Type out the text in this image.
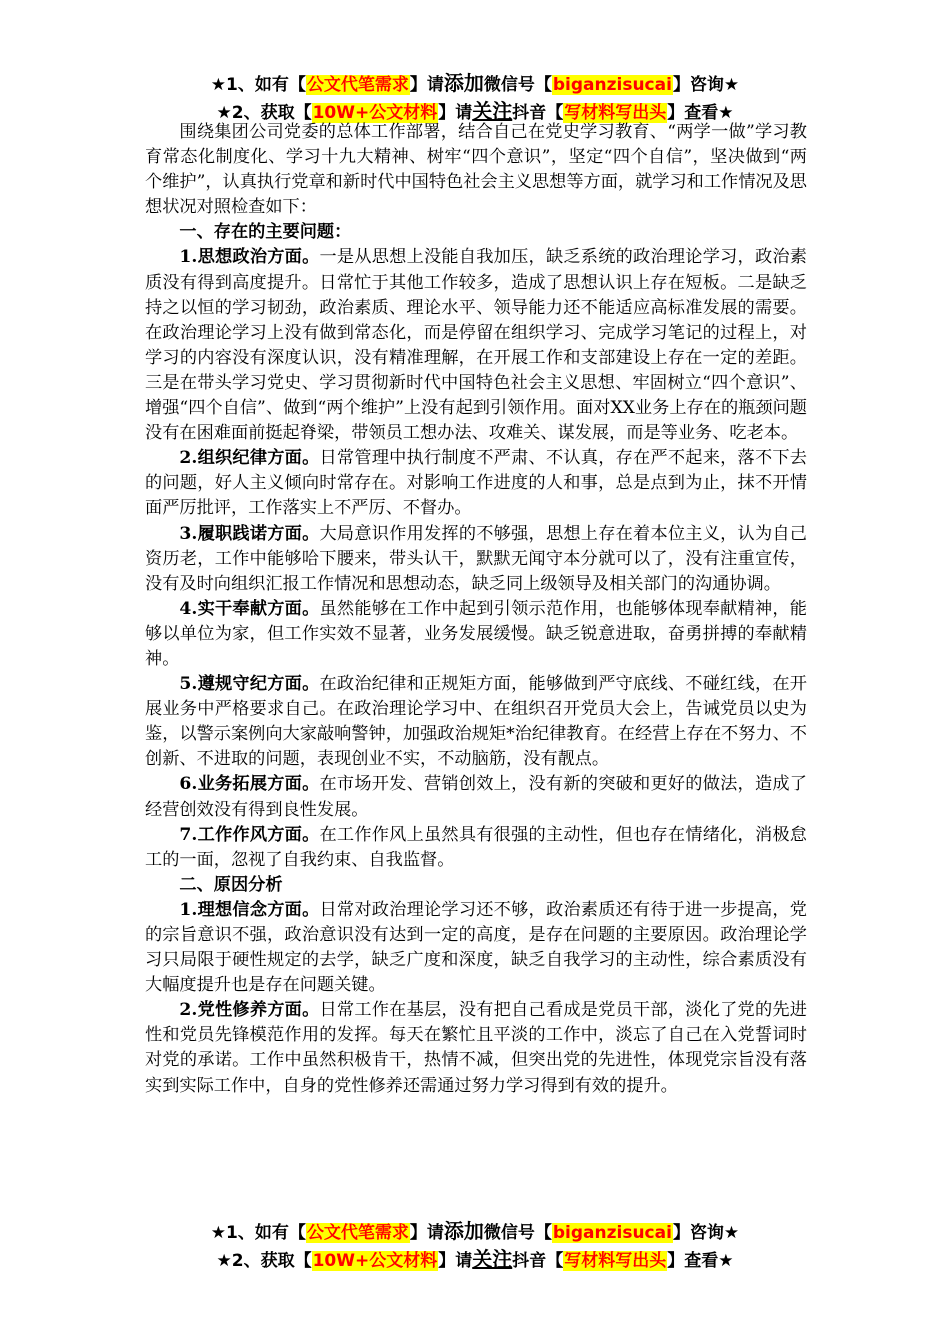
★1、如有【公文代笔需求】请添加微信号【biganzisucai】咨询★
★2、获取【10W+公文材料】请关注抖音【写材料写出头】查看★

围绕集团公司党委的总体工作部署，结合自己在党史学习教育、“两学一做”学习教育常态化制度化、学习十九大精神、树牢“四个意识”，坚定“四个自信”，坚决做到“两个维护”，认真执行党章和新时代中国特色社会主义思想等方面，就学习和工作情况及思想状况对照检查如下：

一、存在的主要问题：

1.思想政治方面。一是从思想上没能自我加压，缺乏系统的政治理论学习，政治素质没有得到高度提升。日常忙于其他工作较多，造成了思想认识上存在短板。二是缺乏持之以恒的学习韧劲，政治素质、理论水平、领导能力还不能适应高标准发展的需要。在政治理论学习上没有做到常态化，而是停留在组织学习、完成学习笔记的过程上，对学习的内容没有深度认识，没有精准理解，在开展工作和支部建设上存在一定的差距。三是在带头学习党史、学习贯彻新时代中国特色社会主义思想、牢固树立“四个意识”、增强“四个自信”、做到“两个维护”上没有起到引领作用。面对XX业务上存在的瓶颈问题没有在困难面前挺起脊梁，带领员工想办法、攻难关、谋发展，而是等业务、吃老本。

2.组织纪律方面。日常管理中执行制度不严肃、不认真，存在严不起来，落不下去的问题，好人主义倾向时常存在。对影响工作进度的人和事，总是点到为止，抹不开情面严厉批评，工作落实上不严厉、不督办。

3.履职践诺方面。大局意识作用发挥的不够强，思想上存在着本位主义，认为自己资历老，工作中能够哈下腰来，带头认干，默默无闻守本分就可以了，没有注重宣传，没有及时向组织汇报工作情况和思想动态，缺乏同上级领导及相关部门的沟通协调。

4.实干奉献方面。虽然能够在工作中起到引领示范作用，也能够体现奉献精神，能够以单位为家，但工作实效不显著，业务发展缓慢。缺乏锐意进取，奋勇拼搏的奉献精神。

5.遵规守纪方面。在政治纪律和正规矩方面，能够做到严守底线、不碰红线，在开展业务中严格要求自己。在政治理论学习中、在组织召开党员大会上，告诫党员以史为鉴，以警示案例向大家敲响警钟，加强政治规矩*治纪律教育。在经营上存在不努力、不创新、不进取的问题，表现创业不实，不动脑筋，没有靓点。

6.业务拓展方面。在市场开发、营销创效上，没有新的突破和更好的做法，造成了经营创效没有得到良性发展。

7.工作作风方面。在工作作风上虽然具有很强的主动性，但也存在情绪化，消极怠工的一面，忽视了自我约束、自我监督。

二、原因分析

1.理想信念方面。日常对政治理论学习还不够，政治素质还有待于进一步提高，党的宗旨意识不强，政治意识没有达到一定的高度，是存在问题的主要原因。政治理论学习只局限于硬性规定的去学，缺乏广度和深度，缺乏自我学习的主动性，综合素质没有大幅度提升也是存在问题关键。

2.党性修养方面。日常工作在基层，没有把自己看成是党员干部，淡化了党的先进性和党员先锋模范作用的发挥。每天在繁忙且平淡的工作中，淡忘了自己在入党誓词时对党的承诺。工作中虽然积极肯干，热情不减，但突出党的先进性，体现党宗旨没有落实到实际工作中，自身的党性修养还需通过努力学习得到有效的提升。

★1、如有【公文代笔需求】请添加微信号【biganzisucai】咨询★
★2、获取【10W+公文材料】请关注抖音【写材料写出头】查看★
